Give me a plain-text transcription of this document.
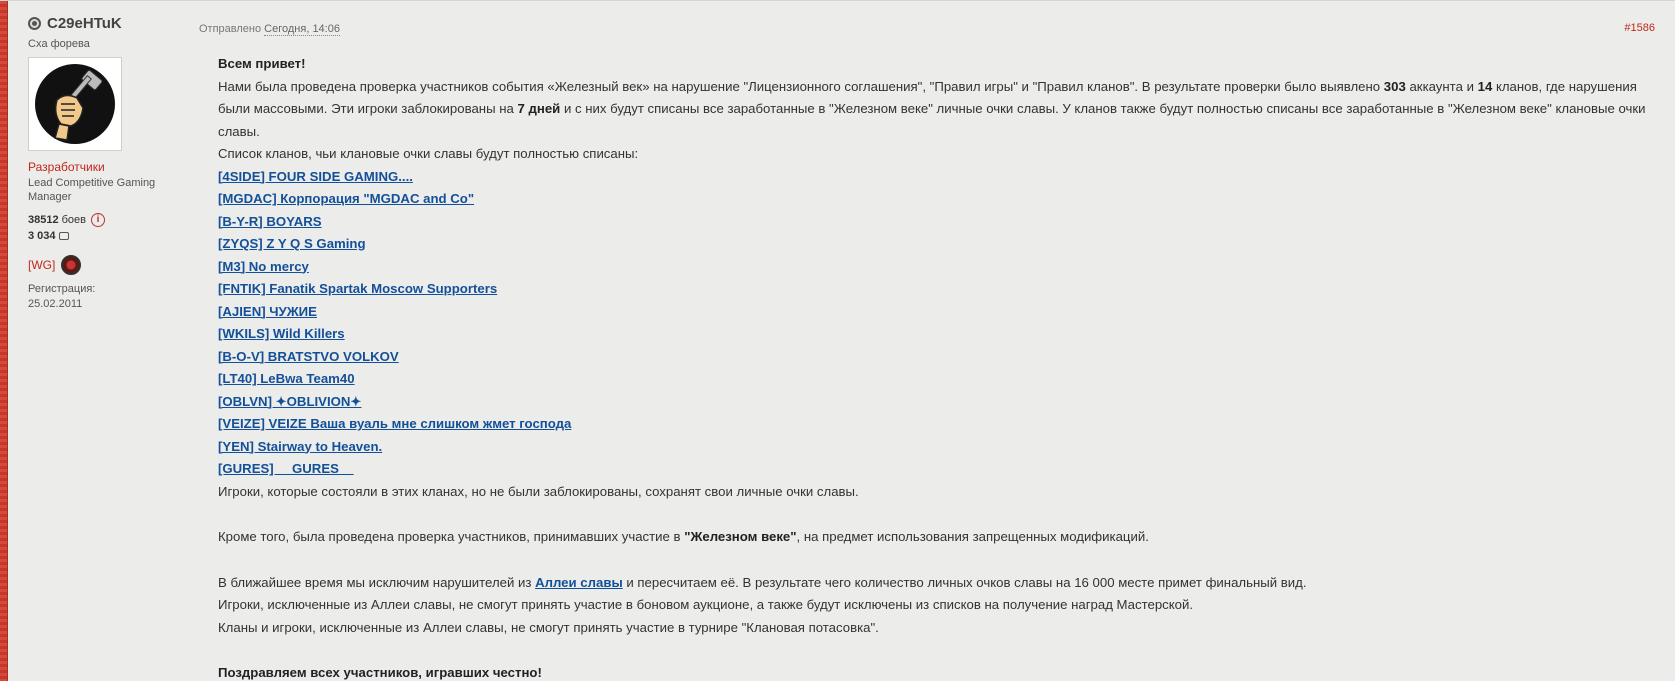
C29eHTuK
Cxa форева
Разработчики
Lead Competitive Gaming Manager
38512 боев	i
3 034
[WG]
Регистрация:
25.02.2011
Отправлено Сегодня, 14:06	#1586

Всем привет!

Нами была проведена проверка участников события «Железный век» на нарушение "Лицензионного соглашения", "Правил игры" и "Правил кланов". В результате проверки было выявлено 303 аккаунта и 14 кланов, где нарушения были массовыми. Эти игроки заблокированы на 7 дней и с них будут списаны все заработанные в "Железном веке" личные очки славы. У кланов также будут полностью списаны все заработанные в "Железном веке" клановые очки славы.

Список кланов, чьи клановые очки славы будут полностью списаны:

[4SIDE] FOUR SIDE GAMING....
[MGDAC] Корпорация "MGDAC and Co"
[B-Y-R] BOYARS
[ZYQS] Z Y Q S Gaming
[M3] No mercy
[FNTIK] Fanatik Spartak Moscow Supporters
[AJIEN] ЧУЖИЕ
[WKILS] Wild Killers
[B-O-V] BRATSTVO VOLKOV
[LT40] LeBwa Team40
[OBLVN] ✦OBLIVION✦
[VEIZE] VEIZE Ваша вуаль мне слишком жмет господа
[YEN] Stairway to Heaven.
[GURES] __GURES__

Игроки, которые состояли в этих кланах, но не были заблокированы, сохранят свои личные очки славы.

Кроме того, была проведена проверка участников, принимавших участие в "Железном веке", на предмет использования запрещенных модификаций.

В ближайшее время мы исключим нарушителей из Аллеи славы и пересчитаем её. В результате чего количество личных очков славы на 16 000 месте примет финальный вид.

Игроки, исключенные из Аллеи славы, не смогут принять участие в боновом аукционе, а также будут исключены из списков на получение наград Мастерской.

Кланы и игроки, исключенные из Аллеи славы, не смогут принять участие в турнире "Клановая потасовка".

Поздравляем всех участников, игравших честно!
